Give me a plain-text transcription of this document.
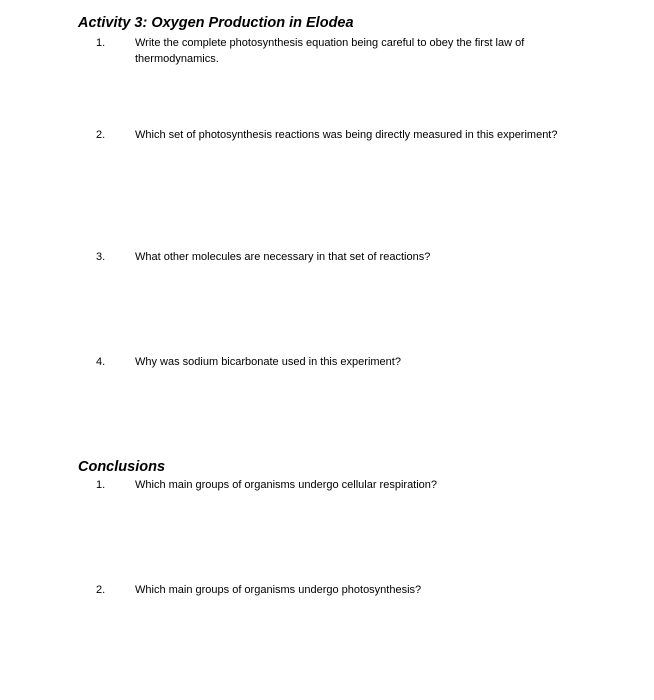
Activity 3: Oxygen Production in Elodea
1.	Write the complete photosynthesis equation being careful to obey the first law of thermodynamics.
2.	Which set of photosynthesis reactions was being directly measured in this experiment?
3.	What other molecules are necessary in that set of reactions?
4.	Why was sodium bicarbonate used in this experiment?
Conclusions
1.	Which main groups of organisms undergo cellular respiration?
2.	Which main groups of organisms undergo photosynthesis?
